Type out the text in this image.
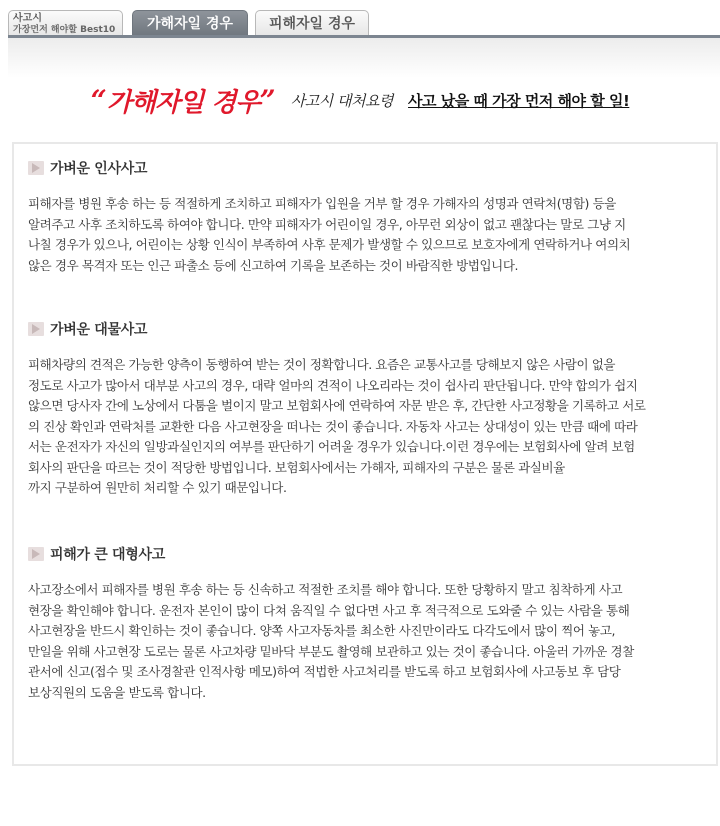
사고시
가장먼저 해야할 Best10	가해자일 경우	피해자일 경우
“가해자일 경우” 사고시 대처요령 사고 났을 때 가장 먼저 해야 할 일!
가벼운 인사사고
피해자를 병원 후송 하는 등 적절하게 조치하고 피해자가 입원을 거부 할 경우 가해자의 성명과 연락처(명함) 등을
알려주고 사후 조치하도록 하여야 합니다. 만약 피해자가 어린이일 경우, 아무런 외상이 없고 괜찮다는 말로 그냥 지
나칠 경우가 있으나, 어린이는 상황 인식이 부족하여 사후 문제가 발생할 수 있으므로 보호자에게 연락하거나 여의치
않은 경우 목격자 또는 인근 파출소 등에 신고하여 기록을 보존하는 것이 바람직한 방법입니다.
가벼운 대물사고
피해차량의 견적은 가능한 양측이 동행하여 받는 것이 정확합니다. 요즘은 교통사고를 당해보지 않은 사람이 없을
정도로 사고가 많아서 대부분 사고의 경우, 대략 얼마의 견적이 나오리라는 것이 쉽사리 판단됩니다. 만약 합의가 쉽지
않으면 당사자 간에 노상에서 다툼을 벌이지 말고 보험회사에 연락하여 자문 받은 후, 간단한 사고정황을 기록하고 서로
의 진상 확인과 연락처를 교환한 다음 사고현장을 떠나는 것이 좋습니다. 자동차 사고는 상대성이 있는 만큼 때에 따라
서는 운전자가 자신의 일방과실인지의 여부를 판단하기 어려울 경우가 있습니다.이런 경우에는 보험회사에 알려 보험
회사의 판단을 따르는 것이 적당한 방법입니다. 보험회사에서는 가해자, 피해자의 구분은 물론 과실비율
까지 구분하여 원만히 처리할 수 있기 때문입니다.
피해가 큰 대형사고
사고장소에서 피해자를 병원 후송 하는 등 신속하고 적절한 조치를 해야 합니다. 또한 당황하지 말고 침착하게 사고
현장을 확인해야 합니다. 운전자 본인이 많이 다쳐 움직일 수 없다면 사고 후 적극적으로 도와줄 수 있는 사람을 통해
사고현장을 반드시 확인하는 것이 좋습니다. 양쪽 사고자동차를 최소한 사진만이라도 다각도에서 많이 찍어 놓고,
만일을 위해 사고현장 도로는 물론 사고차량 밑바닥 부분도 촬영해 보관하고 있는 것이 좋습니다. 아울러 가까운 경찰
관서에 신고(접수 및 조사경찰관 인적사항 메모)하여 적법한 사고처리를 받도록 하고 보험회사에 사고동보 후 담당
보상직원의 도움을 받도록 합니다.
